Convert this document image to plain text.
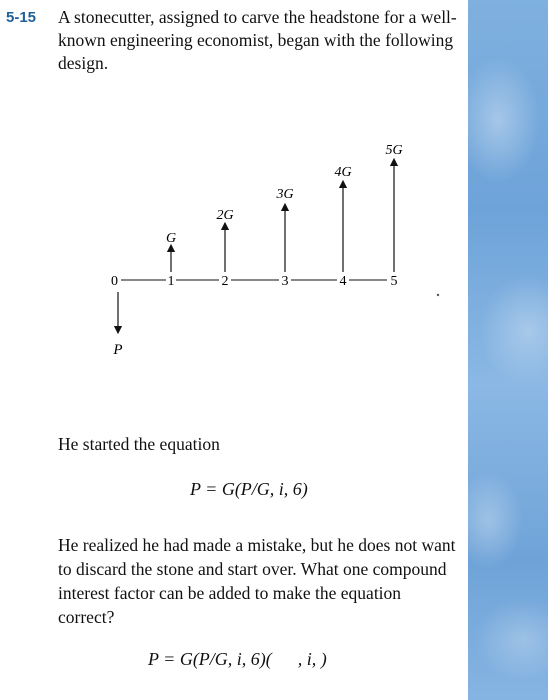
5-15 A stonecutter, assigned to carve the headstone for a well-known engineering economist, began with the following design.
0	1	2	3	4	5
P
G
2G
3G
4G
5G
He started the equation
P = G(P/G, i, 6)
He realized he had made a mistake, but he does not want to discard the stone and start over. What one compound interest factor can be added to make the equation correct?
P = G(P/G, i, 6)( , i, )
